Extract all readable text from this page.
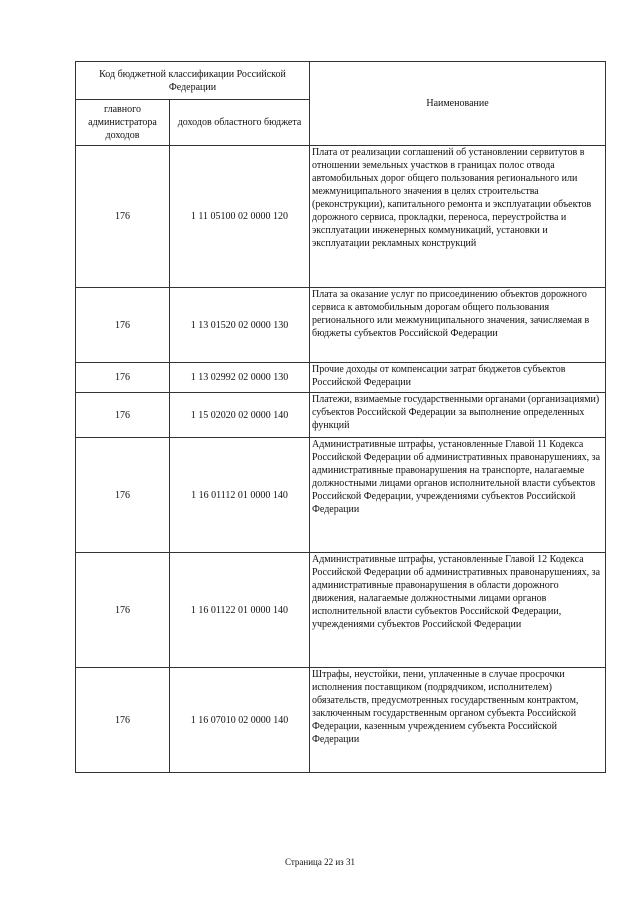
Код бюджетной классификации Российской Федерации		Наименование
главного администратора доходов	доходов областного бюджета	
176	1 11 05100 02 0000 120	Плата от реализации соглашений об установлении сервитутов в отношении земельных участков в границах полос отвода автомобильных дорог общего пользования регионального или межмуниципального значения в целях строительства (реконструкции), капитального ремонта и эксплуатации объектов дорожного сервиса, прокладки, переноса, переустройства и эксплуатации инженерных коммуникаций, установки и эксплуатации рекламных конструкций
176	1 13 01520 02 0000 130	Плата за оказание услуг по присоединению объектов дорожного сервиса к автомобильным дорогам общего пользования регионального или межмуниципального значения, зачисляемая в бюджеты субъектов Российской Федерации
176	1 13 02992 02 0000 130	Прочие доходы от компенсации затрат бюджетов субъектов Российской Федерации
176	1 15 02020 02 0000 140	Платежи, взимаемые государственными органами (организациями) субъектов Российской Федерации за выполнение определенных функций
176	1 16 01112 01 0000 140	Административные штрафы, установленные Главой 11 Кодекса Российской Федерации об административных правонарушениях, за административные правонарушения на транспорте, налагаемые должностными лицами органов исполнительной власти субъектов Российской Федерации, учреждениями субъектов Российской Федерации
176	1 16 01122 01 0000 140	Административные штрафы, установленные Главой 12 Кодекса Российской Федерации об административных правонарушениях, за административные правонарушения в области дорожного движения, налагаемые должностными лицами органов исполнительной власти субъектов Российской Федерации, учреждениями субъектов Российской Федерации
176	1 16 07010 02 0000 140	Штрафы, неустойки, пени, уплаченные в случае просрочки исполнения поставщиком (подрядчиком, исполнителем) обязательств, предусмотренных государственным контрактом, заключенным государственным органом субъекта Российской Федерации, казенным учреждением субъекта Российской Федерации
Страница 22 из 31
